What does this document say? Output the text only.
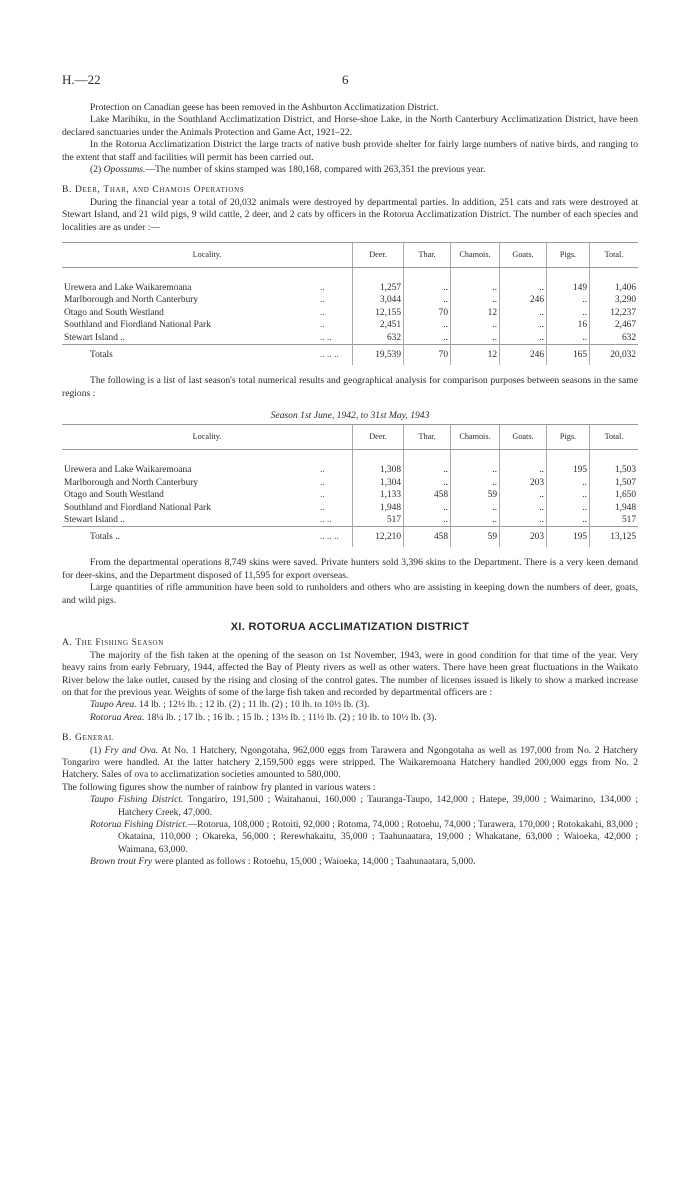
H.—22	6

Protection on Canadian geese has been removed in the Ashburton Acclimatization District.

Lake Marihiku, in the Southland Acclimatization District, and Horse-shoe Lake, in the North Canterbury Acclimatization District, have been declared sanctuaries under the Animals Protection and Game Act, 1921–22.

In the Rotorua Acclimatization District the large tracts of native bush provide shelter for fairly large numbers of native birds, and ranging to the extent that staff and facilities will permit has been carried out.

(2) Opossums.—The number of skins stamped was 180,168, compared with 263,351 the previous year.

B. Deer, Thar, and Chamois Operations

During the financial year a total of 20,032 animals were destroyed by departmental parties. In addition, 251 cats and rats were destroyed at Stewart Island, and 21 wild pigs, 9 wild cattle, 2 deer, and 2 cats by officers in the Rotorua Acclimatization District. The number of each species and localities are as under :—

Locality.		Deer.	Thar.	Chamois.	Goats.	Pigs.	Total.

Urewera and Lake Waikaremoana	..	1,257	..	..	..	149	1,406
Marlborough and North Canterbury	..	3,044	..	..	246	..	3,290
Otago and South Westland	..	12,155	70	12	..	..	12,237
Southland and Fiordland National Park	..	2,451	..	..	..	16	2,467
Stewart Island ..	.. ..	632	..	..	..	..	632
Totals	.. .. ..	19,539	70	12	246	165	20,032

The following is a list of last season's total numerical results and geographical analysis for comparison purposes between seasons in the same regions :

Season 1st June, 1942, to 31st May, 1943
Locality.		Deer.	Thar.	Chamois.	Goats.	Pigs.	Total.

Urewera and Lake Waikaremoana	..	1,308	..	..	..	195	1,503
Marlborough and North Canterbury	..	1,304	..	..	203	..	1,507
Otago and South Westland	..	1,133	458	59	..	..	1,650
Southland and Fiordland National Park	..	1,948	..	..	..	..	1,948
Stewart Island ..	.. ..	517	..	..	..	..	517
Totals ..	.. .. ..	12,210	458	59	203	195	13,125

From the departmental operations 8,749 skins were saved. Private hunters sold 3,396 skins to the Department. There is a very keen demand for deer-skins, and the Department disposed of 11,595 for export overseas.

Large quantities of rifle ammunition have been sold to runholders and others who are assisting in keeping down the numbers of deer, goats, and wild pigs.

XI. ROTORUA ACCLIMATIZATION DISTRICT
A. The Fishing Season

The majority of the fish taken at the opening of the season on 1st November, 1943, were in good condition for that time of the year. Very heavy rains from early February, 1944, affected the Bay of Plenty rivers as well as other waters. There have been great fluctuations in the Waikato River below the lake outlet, caused by the rising and closing of the control gates. The number of licenses issued is likely to show a marked increase on that for the previous year. Weights of some of the large fish taken and recorded by departmental officers are :

Taupo Area. 14 lb. ; 12½ lb. ; 12 lb. (2) ; 11 lb. (2) ; 10 lb. to 10½ lb. (3).

Rotorua Area. 18¼ lb. ; 17 lb. ; 16 lb. ; 15 lb. ; 13½ lb. ; 11½ lb. (2) ; 10 lb. to 10½ lb. (3).

B. General

(1) Fry and Ova. At No. 1 Hatchery, Ngongotaha, 962,000 eggs from Tarawera and Ngongotaha as well as 197,000 from No. 2 Hatchery Tongariro were handled. At the latter hatchery 2,159,500 eggs were stripped. The Waikaremoana Hatchery handled 200,000 eggs from No. 2 Hatchery. Sales of ova to acclimatization societies amounted to 580,000.

The following figures show the number of rainbow fry planted in various waters :

Taupo Fishing District. Tongariro, 191,500 ; Waitahanui, 160,000 ; Tauranga-Taupo, 142,000 ; Hatepe, 39,000 ; Waimarino, 134,000 ; Hatchery Creek, 47,000.

Rotorua Fishing District.—Rotorua, 108,000 ; Rotoiti, 92,000 ; Rotoma, 74,000 ; Rotoehu, 74,000 ; Tarawera, 170,000 ; Rotokakahi, 83,000 ; Okataina, 110,000 ; Okareka, 56,000 ; Rerewhakaitu, 35,000 ; Taahunaatara, 19,000 ; Whakatane, 63,000 ; Waioeka, 42,000 ; Waimana, 63,000.

Brown trout Fry were planted as follows : Rotoehu, 15,000 ; Waioeka, 14,000 ; Taahunaatara, 5,000.
